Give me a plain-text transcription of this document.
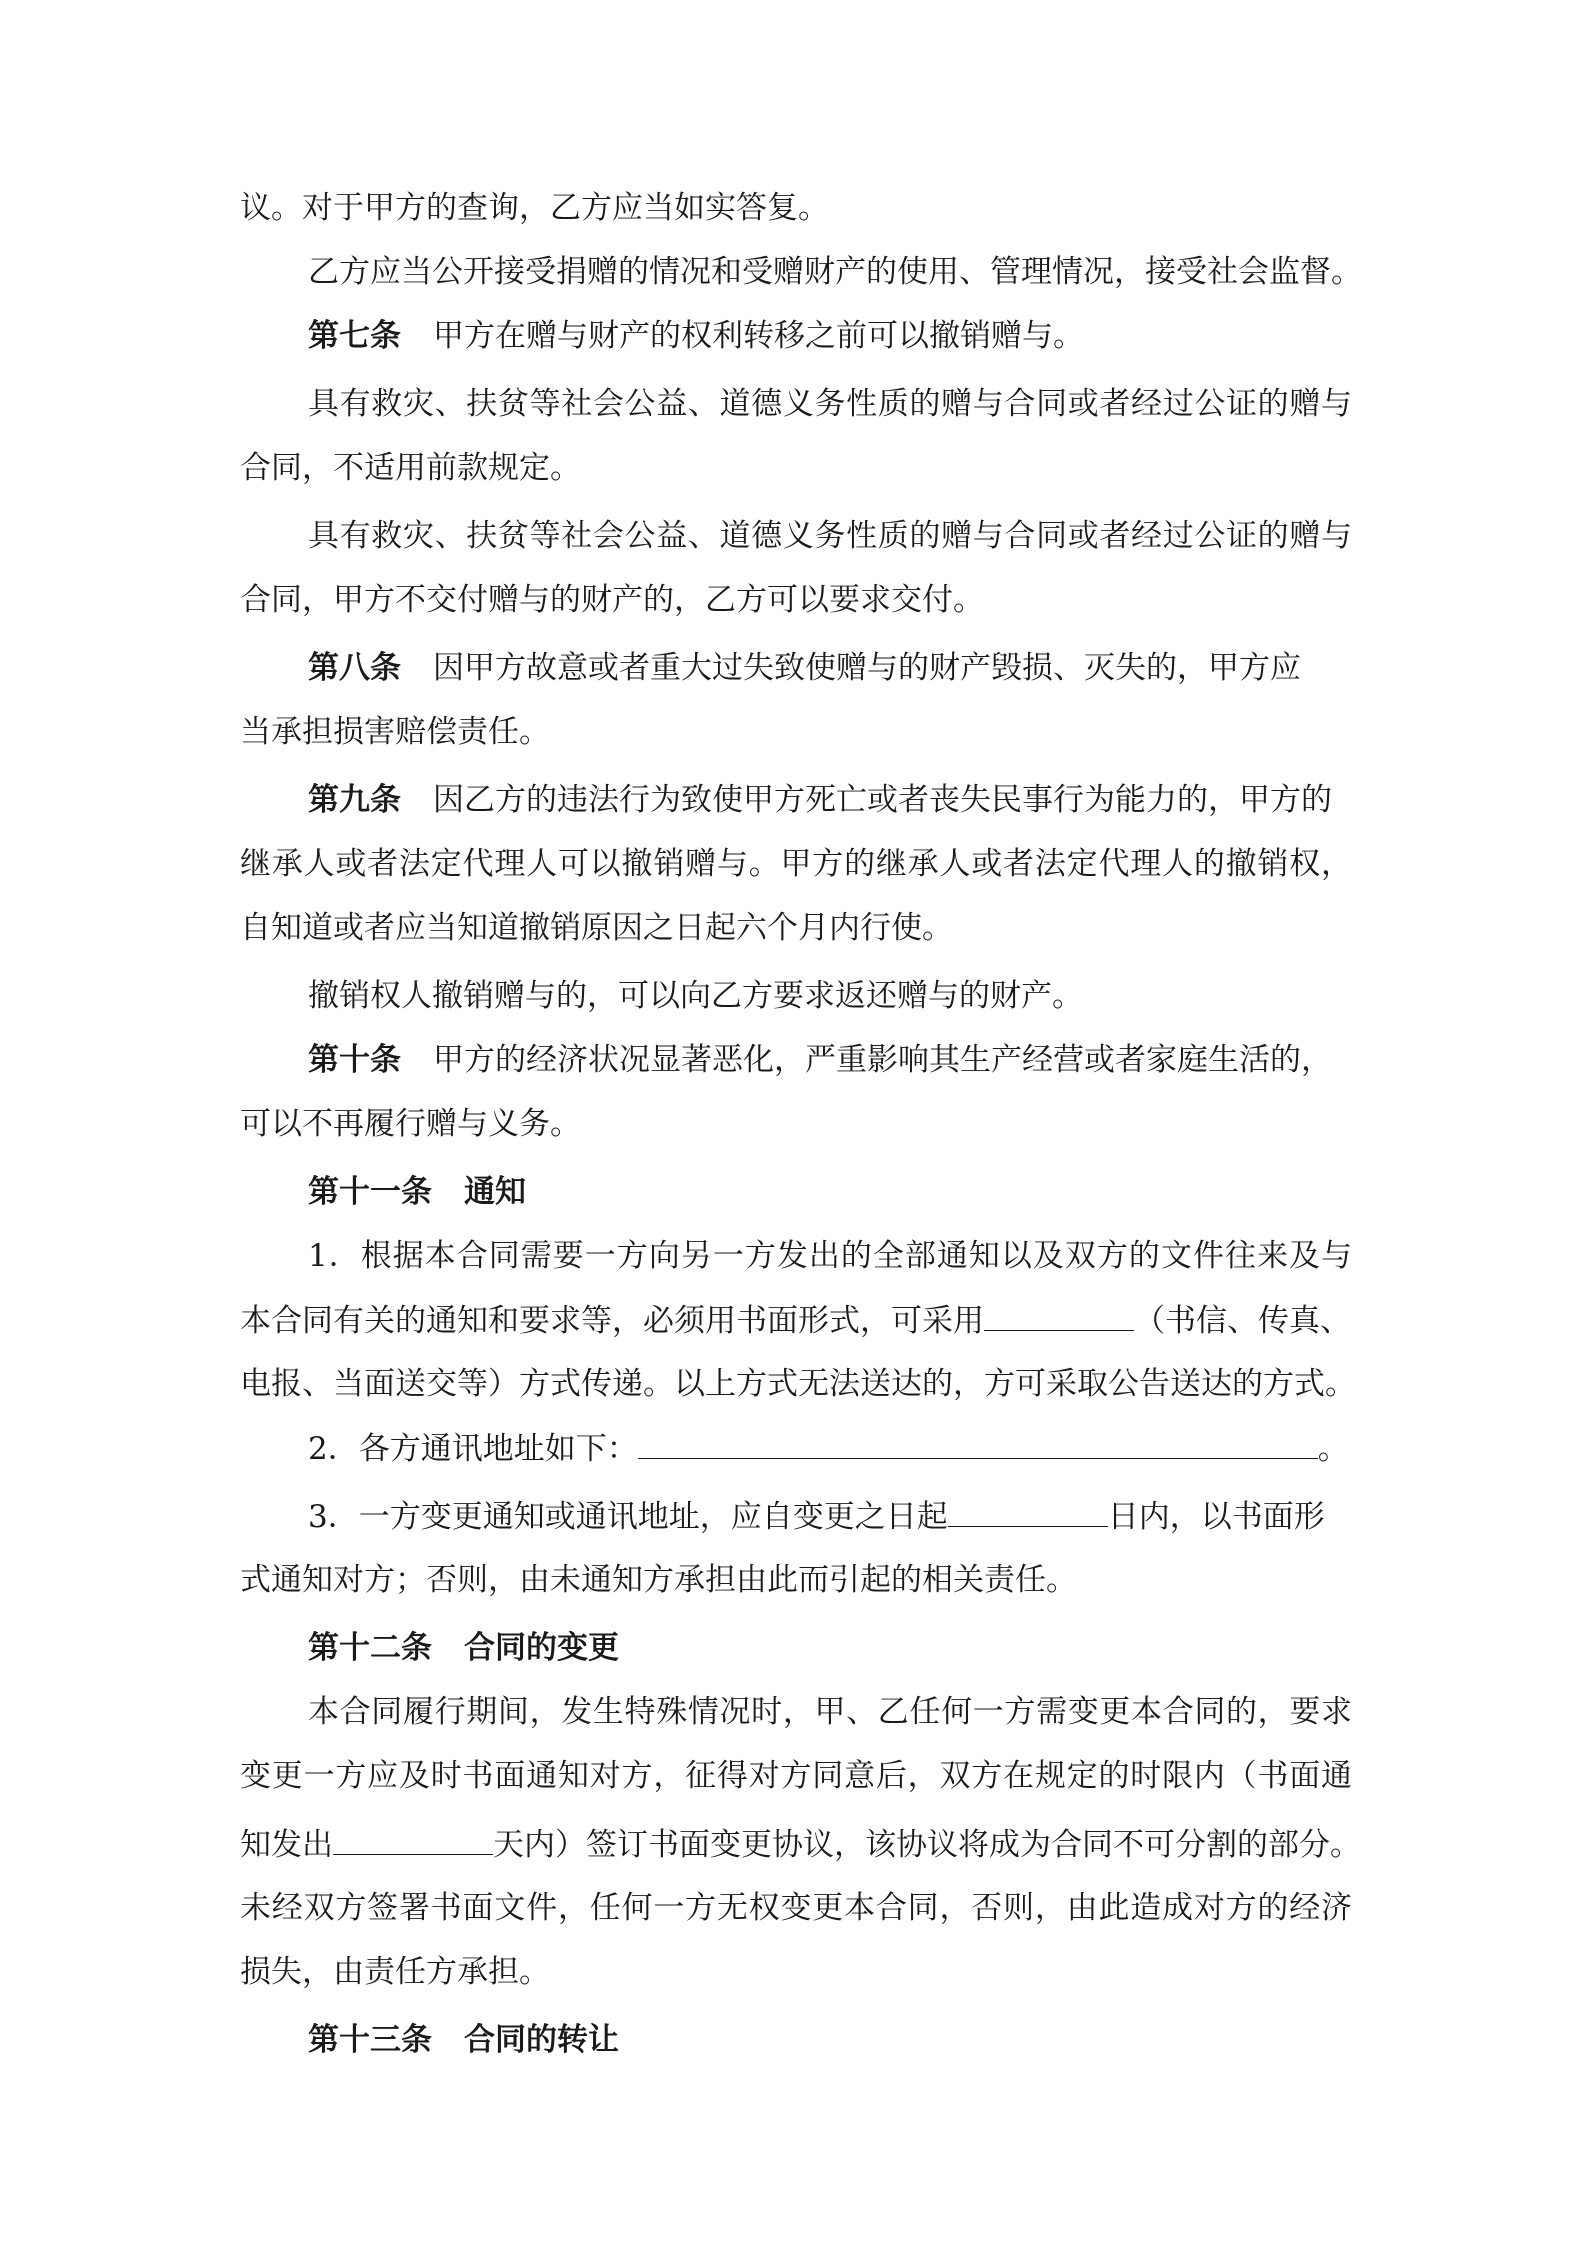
议。对于甲方的查询，乙方应当如实答复。
乙方应当公开接受捐赠的情况和受赠财产的使用、管理情况，接受社会监督。
第七条 甲方在赠与财产的权利转移之前可以撤销赠与。
具有救灾、扶贫等社会公益、道德义务性质的赠与合同或者经过公证的赠与
合同，不适用前款规定。
具有救灾、扶贫等社会公益、道德义务性质的赠与合同或者经过公证的赠与
合同，甲方不交付赠与的财产的，乙方可以要求交付。
第八条 因甲方故意或者重大过失致使赠与的财产毁损、灭失的，甲方应
当承担损害赔偿责任。
第九条 因乙方的违法行为致使甲方死亡或者丧失民事行为能力的，甲方的
继承人或者法定代理人可以撤销赠与。甲方的继承人或者法定代理人的撤销权，
自知道或者应当知道撤销原因之日起六个月内行使。
撤销权人撤销赠与的，可以向乙方要求返还赠与的财产。
第十条 甲方的经济状况显著恶化，严重影响其生产经营或者家庭生活的，
可以不再履行赠与义务。
第十一条 通知
1．根据本合同需要一方向另一方发出的全部通知以及双方的文件往来及与
本合同有关的通知和要求等，必须用书面形式，可采用	（书信、传真、
电报、当面送交等）方式传递。以上方式无法送达的，方可采取公告送达的方式。
2．各方通讯地址如下：	。
3．一方变更通知或通讯地址，应自变更之日起	日内，以书面形
式通知对方；否则，由未通知方承担由此而引起的相关责任。
第十二条 合同的变更
本合同履行期间，发生特殊情况时，甲、乙任何一方需变更本合同的，要求
变更一方应及时书面通知对方，征得对方同意后，双方在规定的时限内（书面通
知发出	天内）签订书面变更协议，该协议将成为合同不可分割的部分。
未经双方签署书面文件，任何一方无权变更本合同，否则，由此造成对方的经济
损失，由责任方承担。
第十三条 合同的转让
